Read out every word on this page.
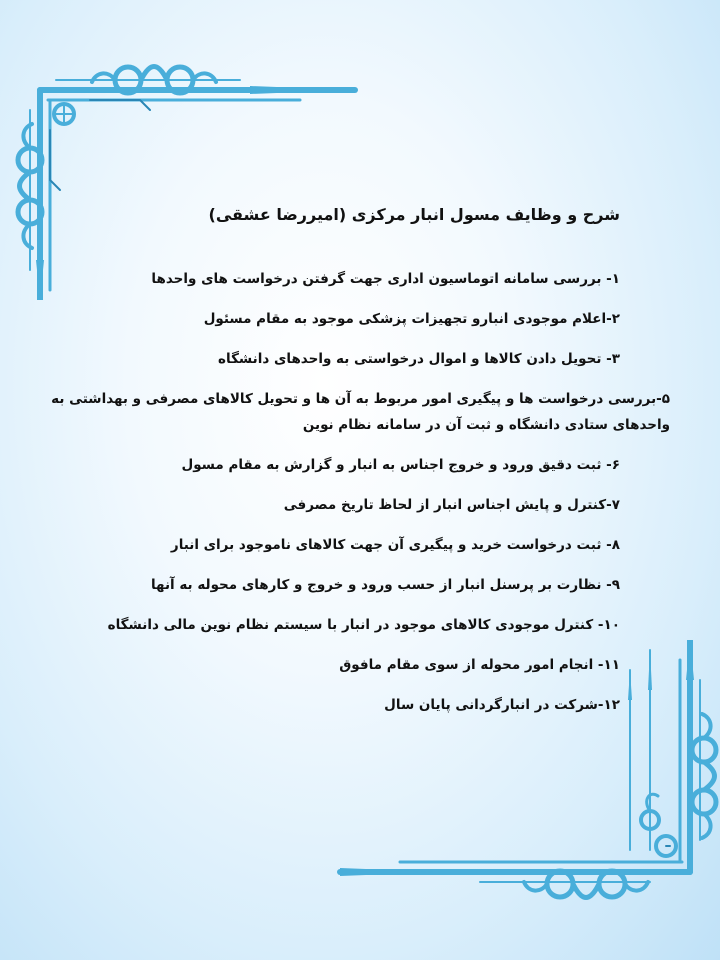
شرح و وظایف مسول انبار مرکزی (امیررضا عشقی)
۱- بررسی سامانه اتوماسیون اداری جهت گرفتن درخواست های واحدها
۲-اعلام موجودی انبارو تجهیزات پزشکی موجود به مقام مسئول
۳- تحویل دادن کالاها و اموال درخواستی به واحدهای دانشگاه
۵-بررسی درخواست ها و پیگیری امور مربوط به آن ها و تحویل کالاهای مصرفی و بهداشتی به واحدهای ستادی دانشگاه و ثبت آن در سامانه نظام نوین
۶- ثبت دقیق ورود و خروج اجناس به انبار و گزارش به مقام مسول
۷-کنترل و پایش اجناس انبار از لحاظ تاریخ مصرفی
۸- ثبت درخواست خرید و پیگیری آن جهت کالاهای ناموجود برای انبار
۹- نظارت بر پرسنل انبار از حسب ورود و خروج و کارهای محوله به آنها
۱۰- کنترل موجودی کالاهای موجود در انبار با سیستم نظام نوین مالی دانشگاه
۱۱- انجام امور محوله از سوی مقام مافوق
۱۲-شرکت در انبارگردانی پایان سال
